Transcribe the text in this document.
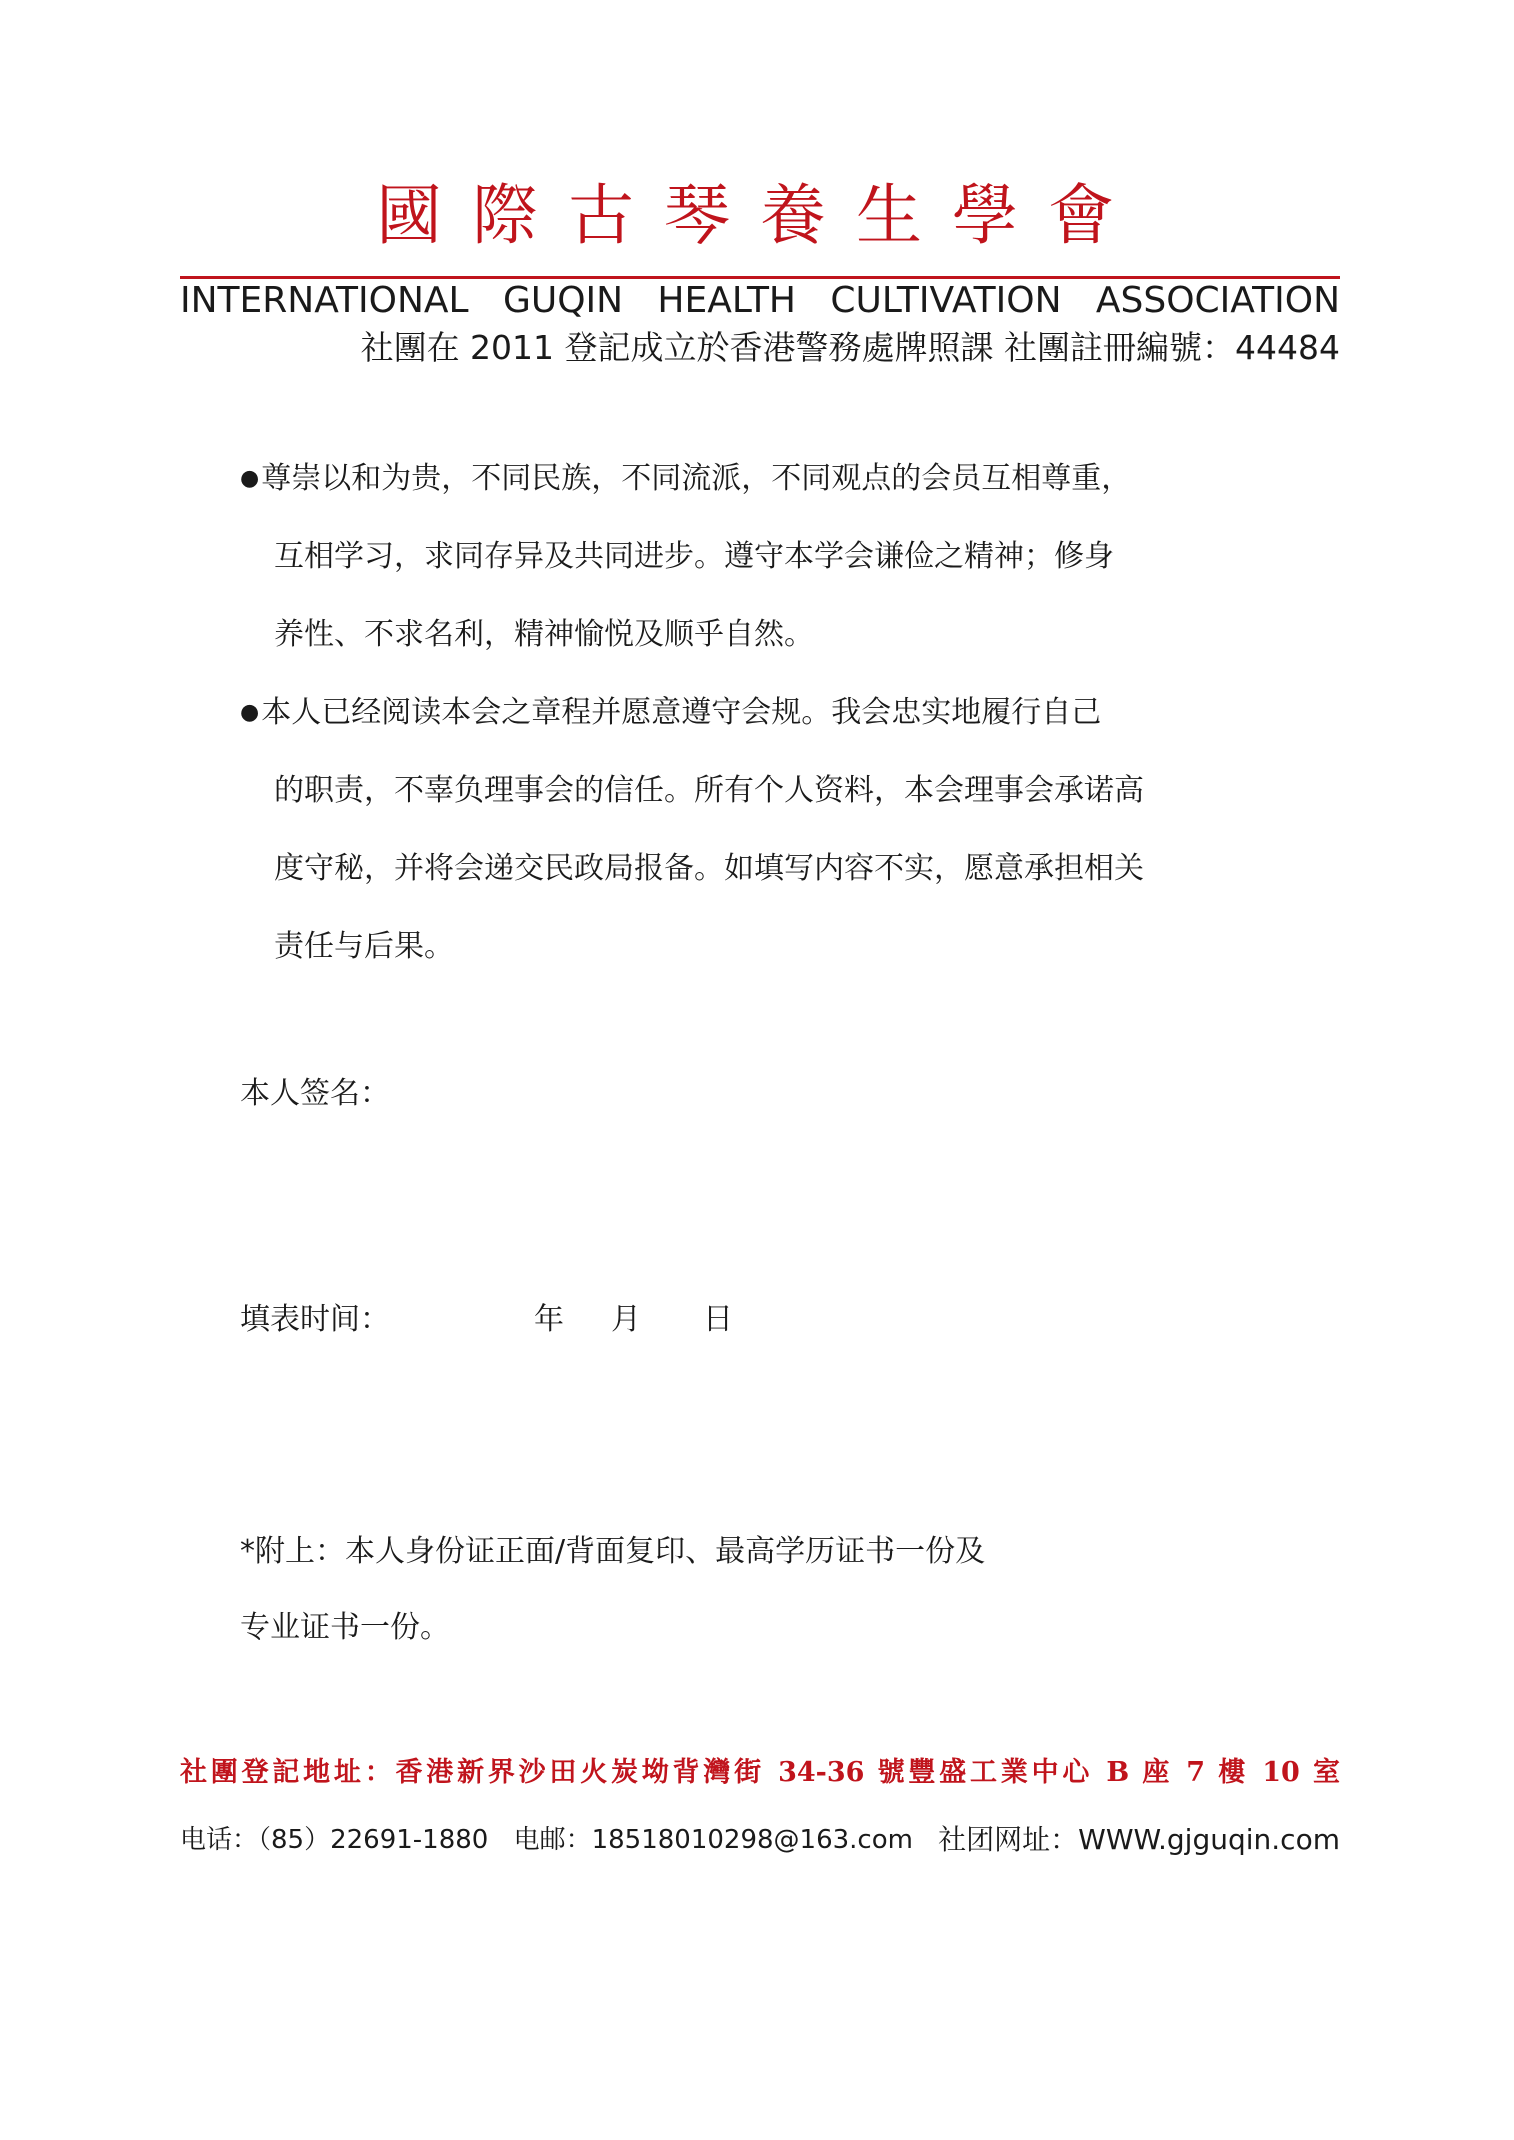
國際古琴養生學會
INTERNATIONAL GUQIN HEALTH CULTIVATION ASSOCIATION
社團在 2011 登記成立於香港警務處牌照課 社團註冊編號：44484
●尊崇以和为贵，不同民族，不同流派，不同观点的会员互相尊重，
互相学习，求同存异及共同进步。遵守本学会谦俭之精神；修身
养性、不求名利，精神愉悦及顺乎自然。
●本人已经阅读本会之章程并愿意遵守会规。我会忠实地履行自己
的职责，不辜负理事会的信任。所有个人资料，本会理事会承诺高
度守秘，并将会递交民政局报备。如填写内容不实，愿意承担相关
责任与后果。
本人签名：
填表时间：	年 月 日
*附上：本人身份证正面/背面复印、最高学历证书一份及
专业证书一份。
社團登記地址：香港新界沙田火炭坳背灣街 34-36 號豐盛工業中心 B 座 7 樓 10 室
电话：（85）22691-1880 电邮：18518010298@163.com 社团网址：WWW.gjguqin.com
